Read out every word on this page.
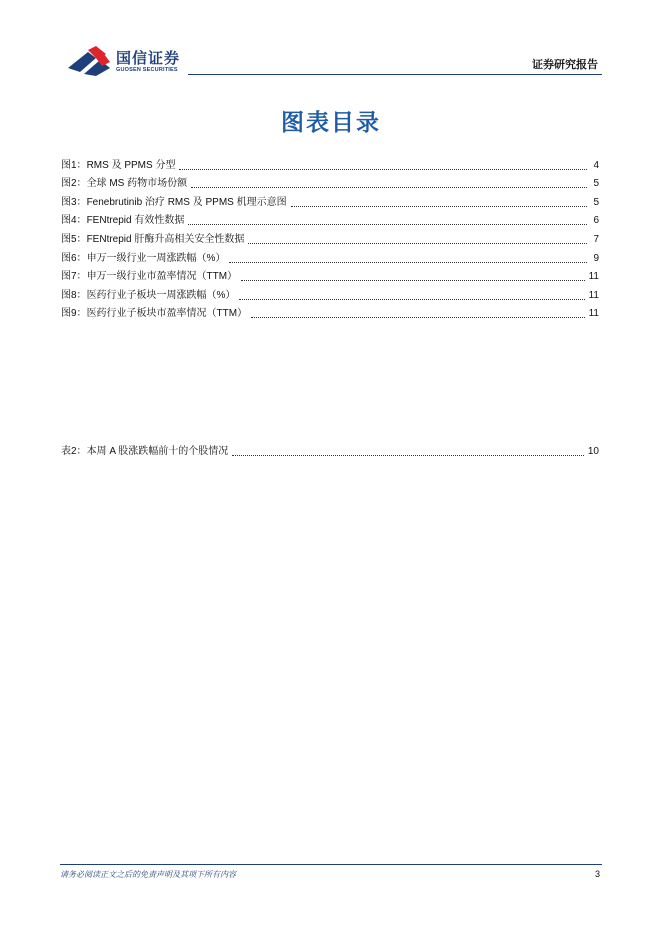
国信证券
GUOSEN SECURITIES	证券研究报告
图表目录
图1： RMS 及 PPMS 分型	4
图2： 全球 MS 药物市场份额	5
图3： Fenebrutinib 治疗 RMS 及 PPMS 机理示意图	5
图4： FENtrepid 有效性数据	6
图5： FENtrepid 肝酶升高相关安全性数据	7
图6： 申万一级行业一周涨跌幅（%）	9
图7： 申万一级行业市盈率情况（TTM）	11
图8： 医药行业子板块一周涨跌幅（%）	11
图9： 医药行业子板块市盈率情况（TTM）	11
表2： 本周 A 股涨跌幅前十的个股情况	10
请务必阅读正文之后的免责声明及其项下所有内容	3
